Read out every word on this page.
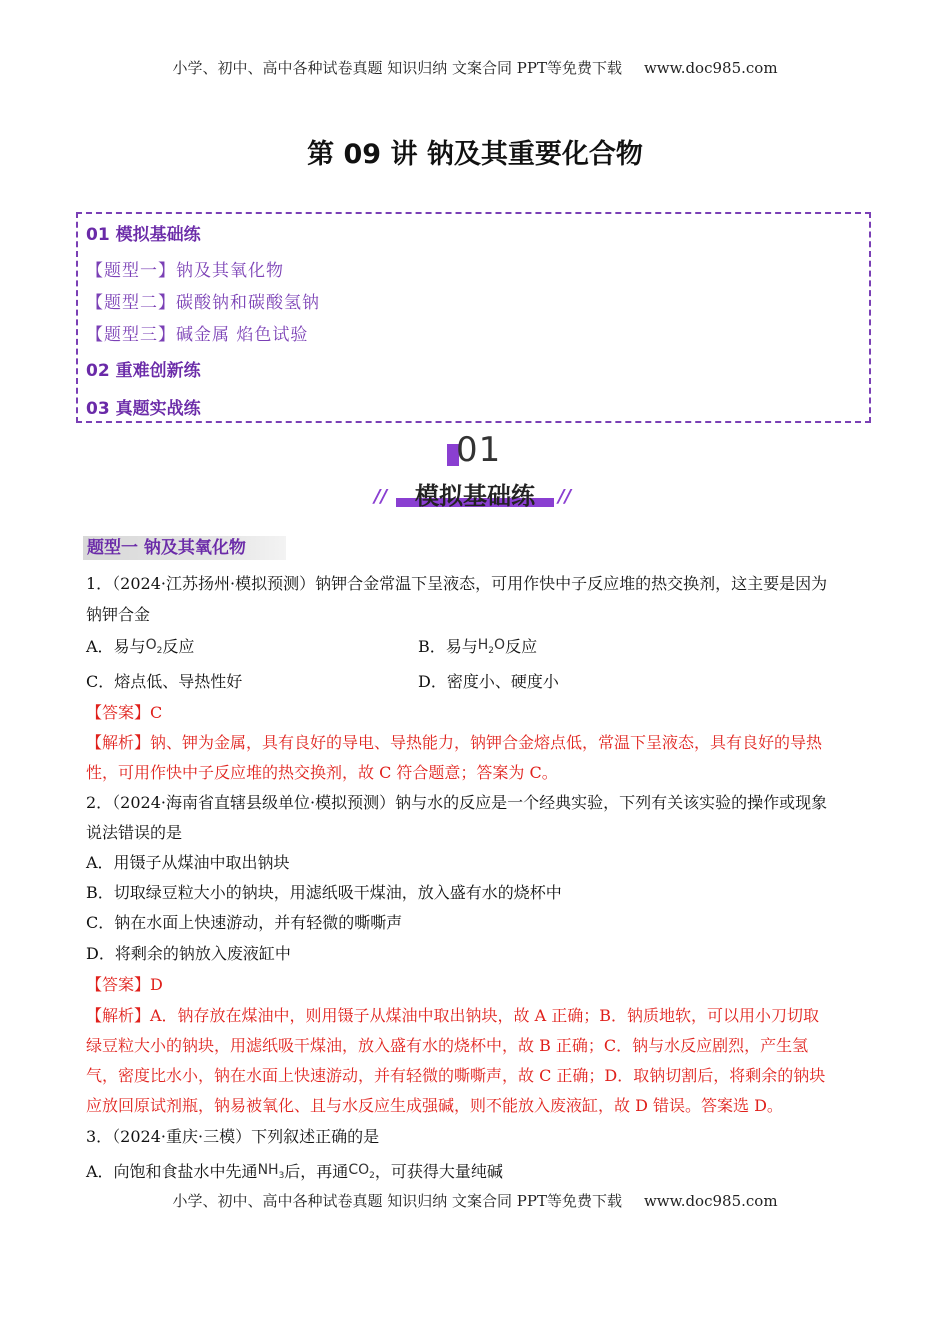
小学、初中、高中各种试卷真题 知识归纳 文案合同 PPT等免费下载 www.doc985.com
第 09 讲 钠及其重要化合物
01 模拟基础练
【题型一】钠及其氧化物
【题型二】碳酸钠和碳酸氢钠
【题型三】碱金属 焰色试验
02 重难创新练
03 真题实战练
01
模拟基础练
//	//
题型一 钠及其氧化物
1．（2024·江苏扬州·模拟预测）钠钾合金常温下呈液态，可用作快中子反应堆的热交换剂，这主要是因为
钠钾合金
A．易与$O_2$反应	B．易与$H_2O$反应
C．熔点低、导热性好	D．密度小、硬度小
【答案】C
【解析】钠、钾为金属，具有良好的导电、导热能力，钠钾合金熔点低，常温下呈液态，具有良好的导热
性，可用作快中子反应堆的热交换剂，故 C 符合题意；答案为 C。
2．（2024·海南省直辖县级单位·模拟预测）钠与水的反应是一个经典实验，下列有关该实验的操作或现象
说法错误的是
A．用镊子从煤油中取出钠块
B．切取绿豆粒大小的钠块，用滤纸吸干煤油，放入盛有水的烧杯中
C．钠在水面上快速游动，并有轻微的嘶嘶声
D．将剩余的钠放入废液缸中
【答案】D
【解析】A．钠存放在煤油中，则用镊子从煤油中取出钠块，故 A 正确；B．钠质地软，可以用小刀切取
绿豆粒大小的钠块，用滤纸吸干煤油，放入盛有水的烧杯中，故 B 正确；C．钠与水反应剧烈，产生氢
气，密度比水小，钠在水面上快速游动，并有轻微的嘶嘶声，故 C 正确；D．取钠切割后，将剩余的钠块
应放回原试剂瓶，钠易被氧化、且与水反应生成强碱，则不能放入废液缸，故 D 错误。答案选 D。
3．（2024·重庆·三模）下列叙述正确的是
A．向饱和食盐水中先通$NH_3$后，再通$CO_2$，可获得大量纯碱
小学、初中、高中各种试卷真题 知识归纳 文案合同 PPT等免费下载 www.doc985.com
